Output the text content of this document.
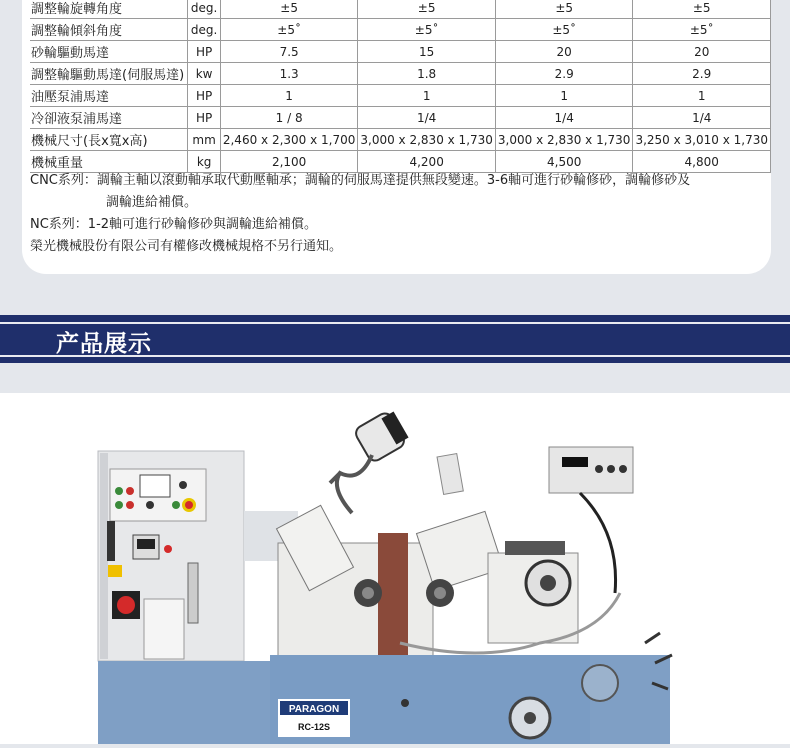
調整輪旋轉角度	deg.	±5	±5	±5	±5
調整輪傾斜角度	deg.	±5˚	±5˚	±5˚	±5˚
砂輪驅動馬達	HP	7.5	15	20	20
調整輪驅動馬達(伺服馬達)	kw	1.3	1.8	2.9	2.9
油壓泵浦馬達	HP	1	1	1	1
冷卻液泵浦馬達	HP	1 / 8	1/4	1/4	1/4
機械尺寸(長x寬x高)	mm	2,460 x 2,300 x 1,700	3,000 x 2,830 x 1,730	3,000 x 2,830 x 1,730	3,250 x 3,010 x 1,730
機械重量	kg	2,100	4,200	4,500	4,800

CNC系列：調輪主軸以滾動軸承取代動壓軸承；調輪的伺服馬達提供無段變速。3-6軸可進行砂輪修砂，調輪修砂及

調輪進給補償。

NC系列：1-2軸可進行砂輪修砂與調輪進給補償。

榮光機械股份有限公司有權修改機械規格不另行通知。

产品展示
PARAGON
RC-12S
